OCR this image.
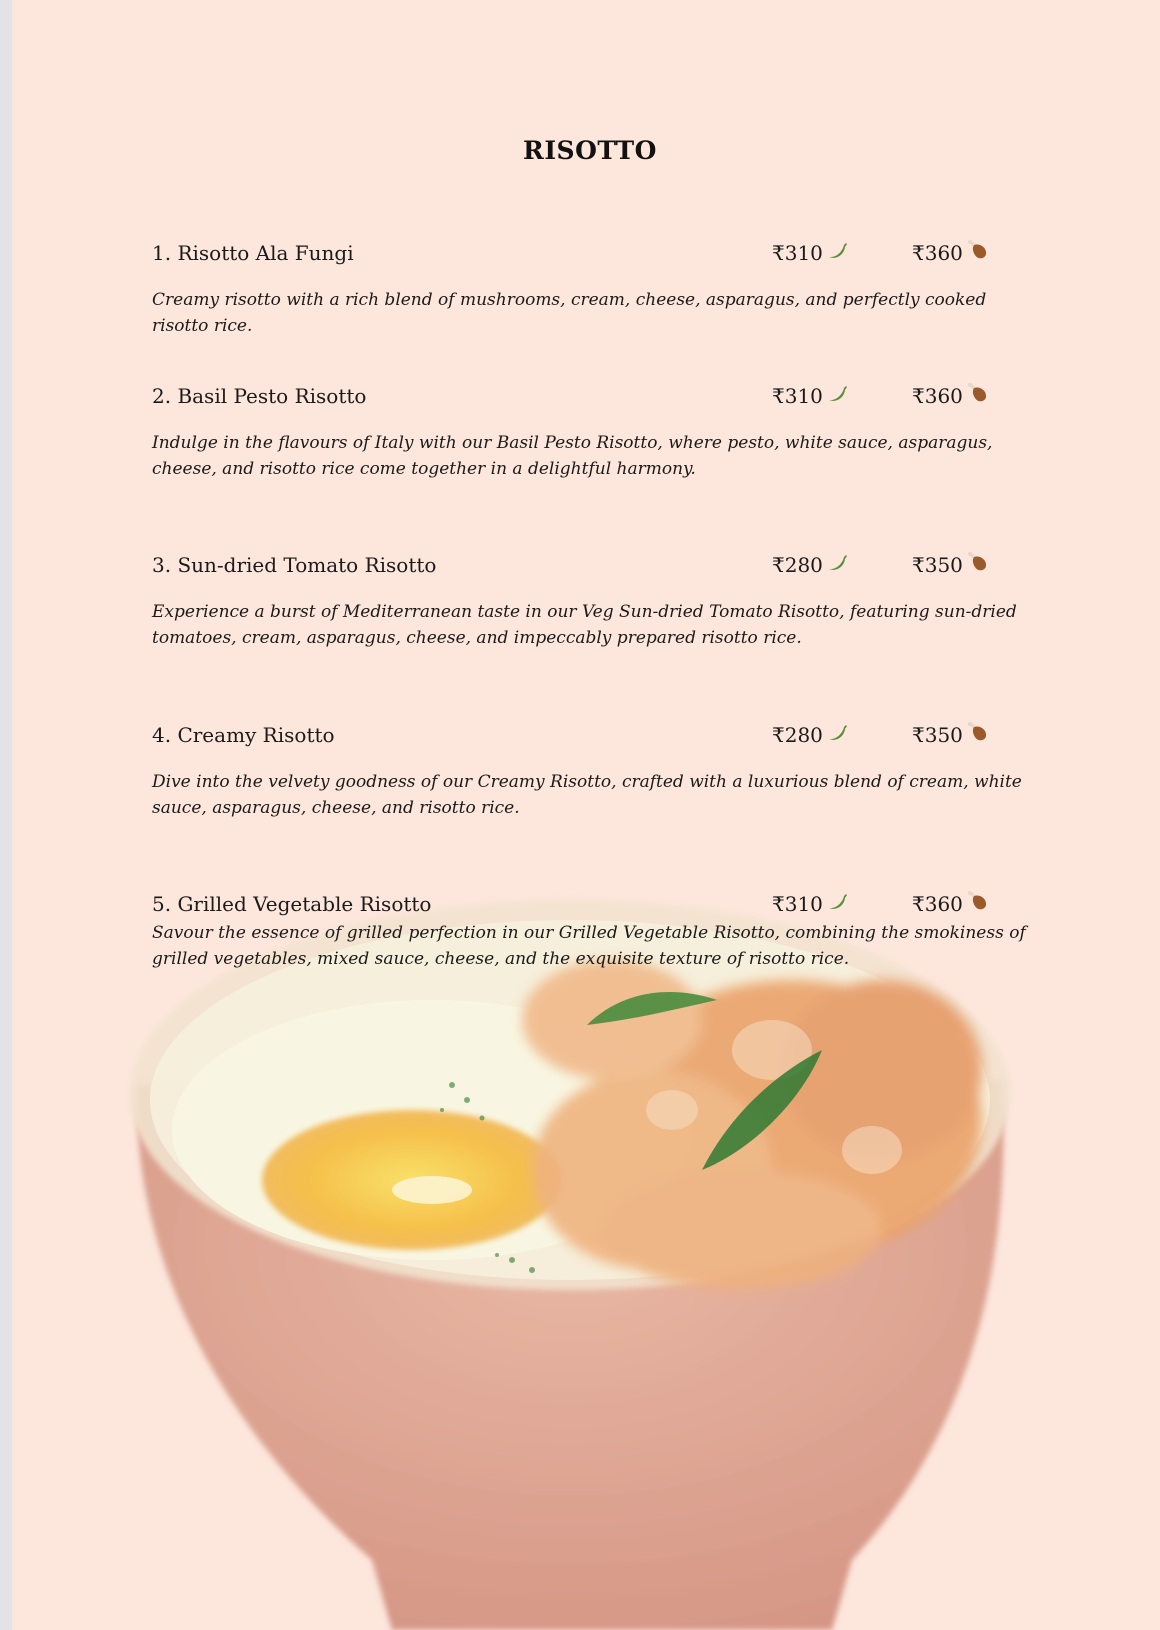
RISOTTO
1. Risotto Ala Fungi	₹310	₹360

Creamy risotto with a rich blend of mushrooms, cream, cheese, asparagus, and perfectly cooked risotto rice.

2. Basil Pesto Risotto	₹310	₹360

Indulge in the flavours of Italy with our Basil Pesto Risotto, where pesto, white sauce, asparagus, cheese, and risotto rice come together in a delightful harmony.

3. Sun-dried Tomato Risotto	₹280	₹350

Experience a burst of Mediterranean taste in our Veg Sun-dried Tomato Risotto, featuring sun-dried tomatoes, cream, asparagus, cheese, and impeccably prepared risotto rice.

4. Creamy Risotto	₹280	₹350

Dive into the velvety goodness of our Creamy Risotto, crafted with a luxurious blend of cream, white sauce, asparagus, cheese, and risotto rice.

5. Grilled Vegetable Risotto	₹310	₹360

Savour the essence of grilled perfection in our Grilled Vegetable Risotto, combining the smokiness of grilled vegetables, mixed sauce, cheese, and the exquisite texture of risotto rice.
